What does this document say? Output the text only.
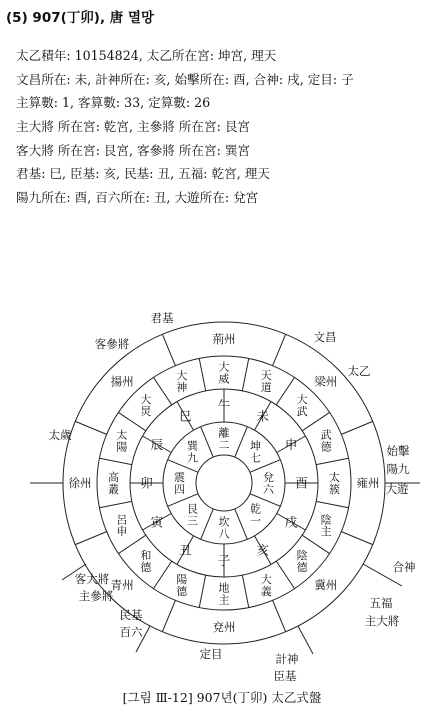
(5) 907(丁卯), 唐 멸망
太乙積年: 10154824, 太乙所在宮: 坤宮, 理天
文昌所在: 未, 計神所在: 亥, 始擊所在: 酉, 合神: 戌, 定目: 子
主算數: 1, 客算數: 33, 定算數: 26
主大將 所在宮: 乾宮, 主參將 所在宮: 艮宮
客大將 所在宮: 艮宮, 客參將 所在宮: 巽宮
君基: 巳, 臣基: 亥, 民基: 丑, 五福: 乾宮, 理天
陽九所在: 酉, 百六所在: 丑, 大遊所在: 兌宮
坎八
艮三
震四
巽九
離二 坤七
兌六
乾一
子
丑
寅
卯
辰
巳
午
未
申
酉
戌
亥
大威	天道
大武
武德
太簇
陰主
陰德
大義
地主
陽德
和德
呂申
高叢
太陽
大炅
大神
荊州
梁州
雍州
冀州
兗州
青州
徐州
揚州
君基
客參將	文昌
太乙
太歲
始擊
陽九
大遊
合神
五福
主大將
計神
臣基
定目
民基
百六
客大將
主參將
[그림 Ⅲ-12] 907년(丁卯) 太乙式盤
